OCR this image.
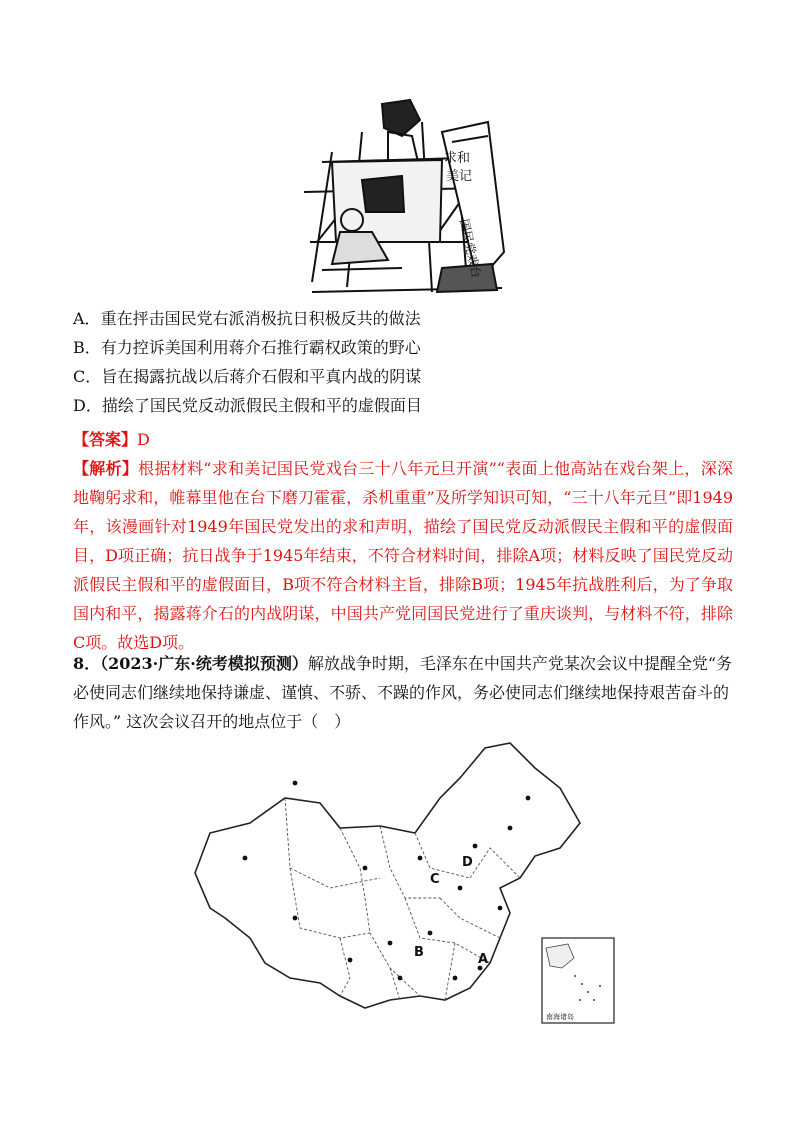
求和
美记
国民党戏台
A．重在抨击国民党右派消极抗日积极反共的做法
B．有力控诉美国利用蒋介石推行霸权政策的野心
C．旨在揭露抗战以后蒋介石假和平真内战的阴谋
D．描绘了国民党反动派假民主假和平的虚假面目
【答案】D
【解析】根据材料“求和美记国民党戏台三十八年元旦开演”“表面上他高站在戏台架上，深深地鞠躬求和，帷幕里他在台下磨刀霍霍，杀机重重”及所学知识可知，“三十八年元旦”即1949年，该漫画针对1949年国民党发出的求和声明，描绘了国民党反动派假民主假和平的虚假面目，D项正确；抗日战争于1945年结束，不符合材料时间，排除A项；材料反映了国民党反动派假民主假和平的虚假面目，B项不符合材料主旨，排除B项；1945年抗战胜利后，为了争取国内和平，揭露蒋介石的内战阴谋，中国共产党同国民党进行了重庆谈判，与材料不符，排除C项。故选D项。
8．（2023·广东·统考模拟预测）解放战争时期，毛泽东在中国共产党某次会议中提醒全党“务必使同志们继续地保持谦虚、谨慎、不骄、不躁的作风，务必使同志们继续地保持艰苦奋斗的作风。” 这次会议召开的地点位于（　）
A
B
C
D
南海诸岛
